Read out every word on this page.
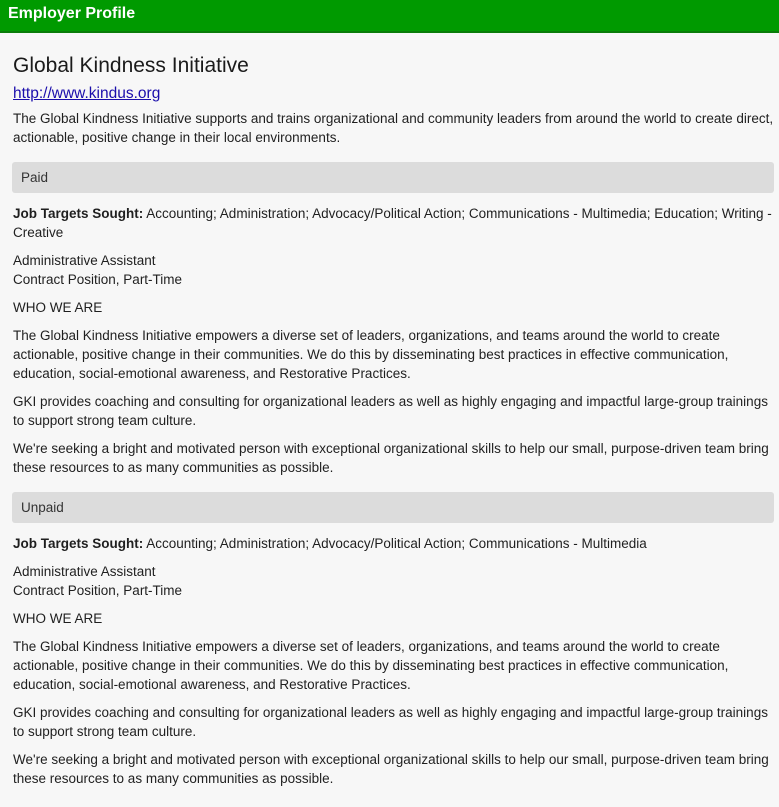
Employer Profile
Global Kindness Initiative
http://www.kindus.org

The Global Kindness Initiative supports and trains organizational and community leaders from around the world to create direct, actionable, positive change in their local environments.

Paid

Job Targets Sought: Accounting; Administration; Advocacy/Political Action; Communications - Multimedia; Education; Writing - Creative

Administrative Assistant
Contract Position, Part-Time

WHO WE ARE

The Global Kindness Initiative empowers a diverse set of leaders, organizations, and teams around the world to create actionable, positive change in their communities. We do this by disseminating best practices in effective communication, education, social-emotional awareness, and Restorative Practices.

GKI provides coaching and consulting for organizational leaders as well as highly engaging and impactful large-group trainings to support strong team culture.

We're seeking a bright and motivated person with exceptional organizational skills to help our small, purpose-driven team bring these resources to as many communities as possible.

Unpaid

Job Targets Sought: Accounting; Administration; Advocacy/Political Action; Communications - Multimedia

Administrative Assistant
Contract Position, Part-Time

WHO WE ARE

The Global Kindness Initiative empowers a diverse set of leaders, organizations, and teams around the world to create actionable, positive change in their communities. We do this by disseminating best practices in effective communication, education, social-emotional awareness, and Restorative Practices.

GKI provides coaching and consulting for organizational leaders as well as highly engaging and impactful large-group trainings to support strong team culture.

We're seeking a bright and motivated person with exceptional organizational skills to help our small, purpose-driven team bring these resources to as many communities as possible.
